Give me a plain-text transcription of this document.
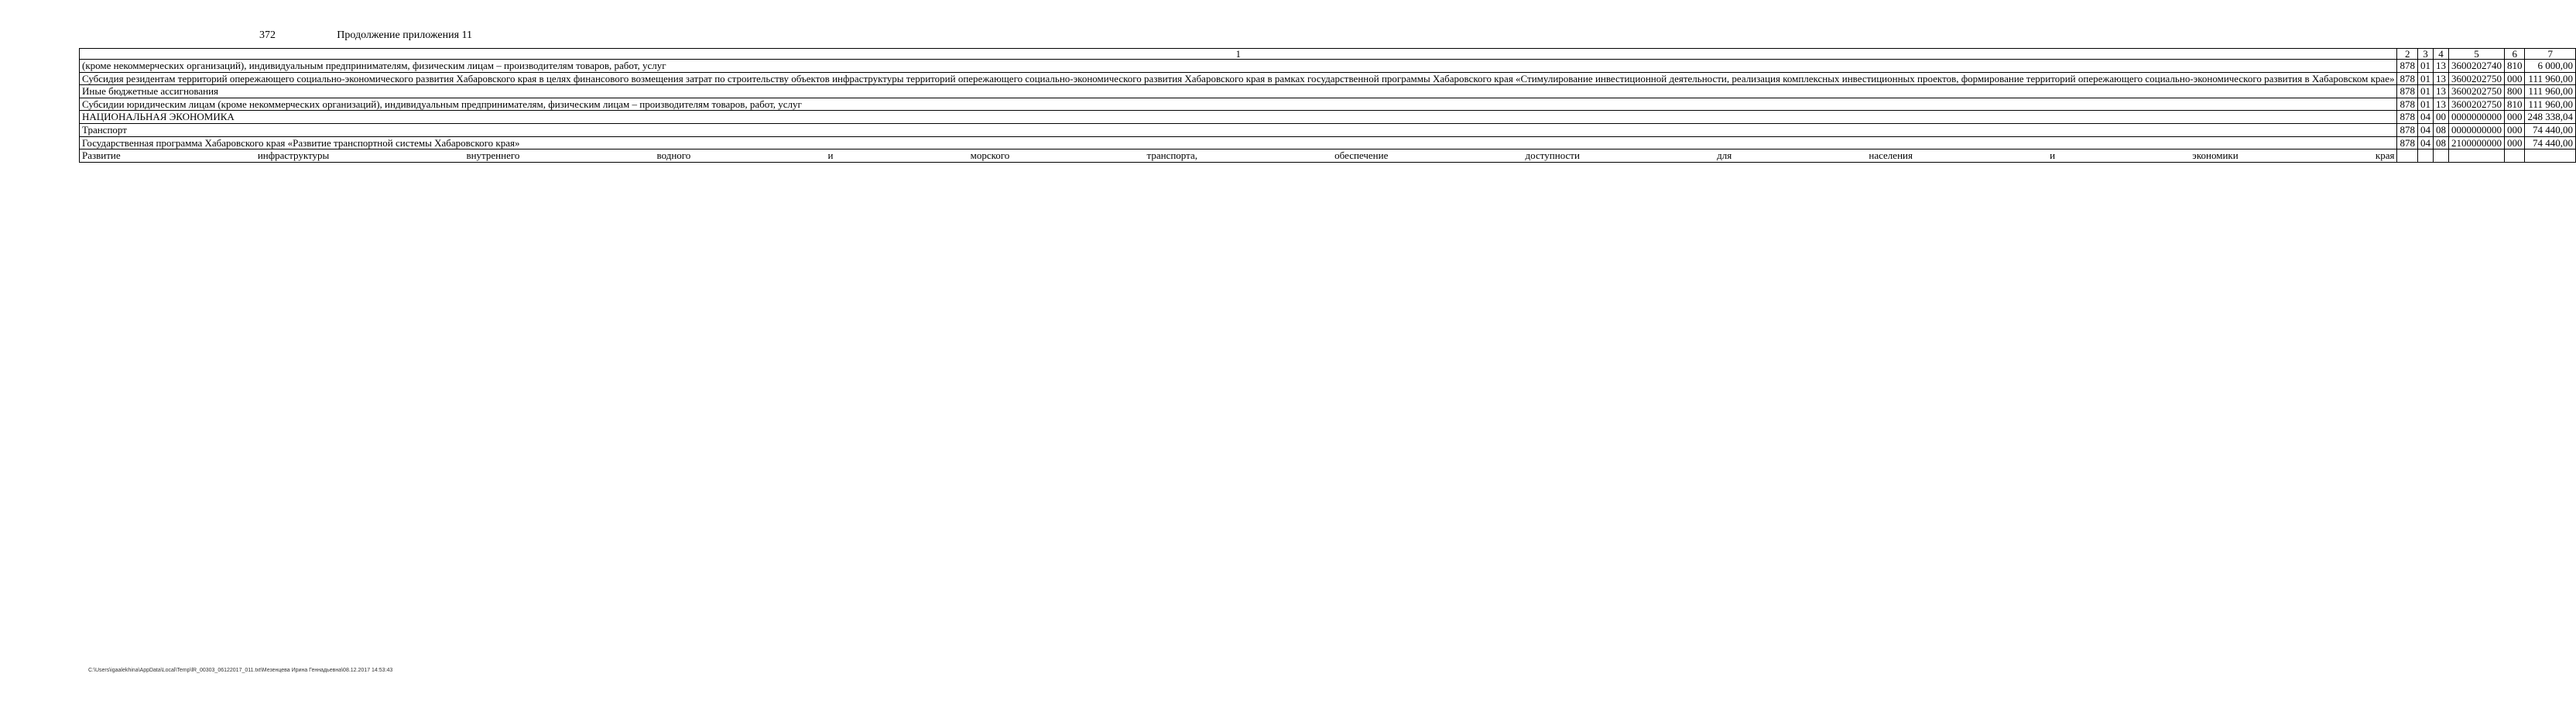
372	Продолжение приложения 11
1	2	3	4	5	6	7
(кроме некоммерческих организаций), индивидуальным предпринимателям, физическим лицам – производителям товаров, работ, услуг	878	01	13	3600202740	810	6 000,00
Субсидия резидентам территорий опережающего социально-экономического развития Хабаровского края в целях финансового возмещения затрат по строительству объектов инфраструктуры территорий опережающего социально-экономического развития Хабаровского края в рамках государственной программы Хабаровского края «Стимулирование инвестиционной деятельности, реализация комплексных инвестиционных проектов, формирование территорий опережающего социально-экономического развития в Хабаровском крае»	878	01	13	3600202750	000	111 960,00
Иные бюджетные ассигнования	878	01	13	3600202750	800	111 960,00
Субсидии юридическим лицам (кроме некоммерческих организаций), индивидуальным предпринимателям, физическим лицам – производителям товаров, работ, услуг	878	01	13	3600202750	810	111 960,00
НАЦИОНАЛЬНАЯ ЭКОНОМИКА	878	04	00	0000000000	000	248 338,04
Транспорт	878	04	08	0000000000	000	74 440,00
Государственная программа Хабаровского края «Развитие транспортной системы Хабаровского края»	878	04	08	2100000000	000	74 440,00
Развитие инфраструктуры внутреннего водного и морского транспорта, обеспечение доступности для населения и экономики края						
C:\Users\igaalekhina\AppData\Local\Temp\lR_00303_06122017_011.txt\Мезенцева Ирина Геннадьевна\08.12.2017 14:53:43
